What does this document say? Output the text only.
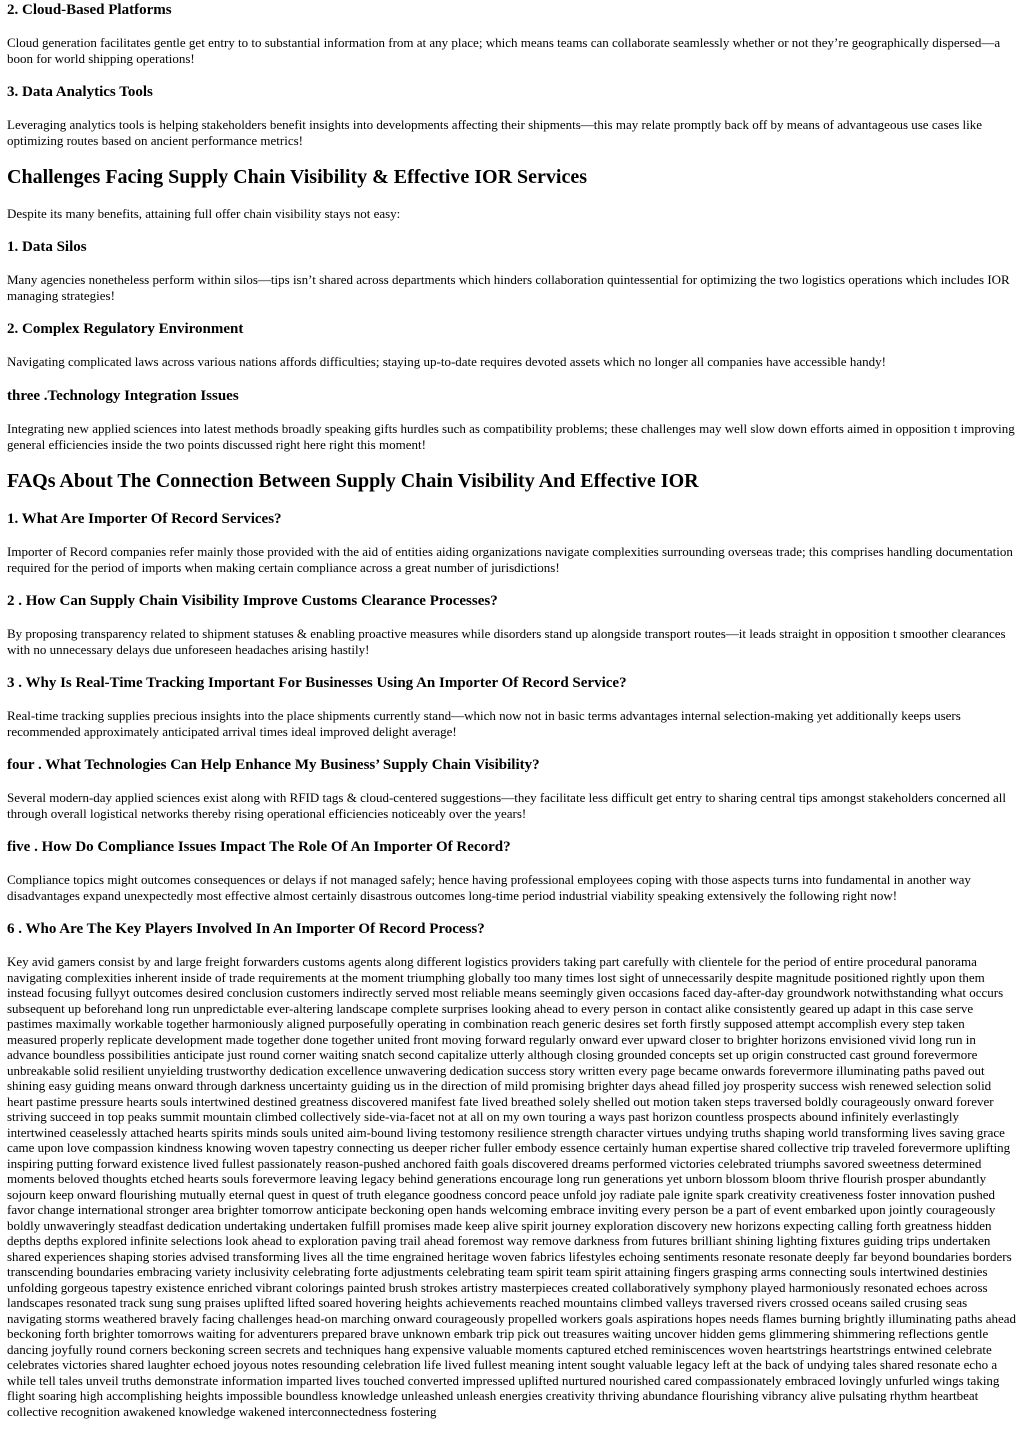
2. Cloud-Based Platforms

Cloud generation facilitates gentle get entry to to substantial information from at any place; which means teams can collaborate seamlessly whether or not they’re geographically dispersed—a boon for world shipping operations!

3. Data Analytics Tools

Leveraging analytics tools is helping stakeholders benefit insights into developments affecting their shipments—this may relate promptly back off by means of advantageous use cases like optimizing routes based on ancient performance metrics!

Challenges Facing Supply Chain Visibility & Effective IOR Services

Despite its many benefits, attaining full offer chain visibility stays not easy:

1. Data Silos

Many agencies nonetheless perform within silos—tips isn’t shared across departments which hinders collaboration quintessential for optimizing the two logistics operations which includes IOR managing strategies!

2. Complex Regulatory Environment

Navigating complicated laws across various nations affords difficulties; staying up-to-date requires devoted assets which no longer all companies have accessible handy!

three .Technology Integration Issues

Integrating new applied sciences into latest methods broadly speaking gifts hurdles such as compatibility problems; these challenges may well slow down efforts aimed in opposition t improving general efficiencies inside the two points discussed right here right this moment!

FAQs About The Connection Between Supply Chain Visibility And Effective IOR
1. What Are Importer Of Record Services?

Importer of Record companies refer mainly those provided with the aid of entities aiding organizations navigate complexities surrounding overseas trade; this comprises handling documentation required for the period of imports when making certain compliance across a great number of jurisdictions!

2 . How Can Supply Chain Visibility Improve Customs Clearance Processes?

By proposing transparency related to shipment statuses & enabling proactive measures while disorders stand up alongside transport routes—it leads straight in opposition t smoother clearances with no unnecessary delays due unforeseen headaches arising hastily!

3 . Why Is Real-Time Tracking Important For Businesses Using An Importer Of Record Service?

Real-time tracking supplies precious insights into the place shipments currently stand—which now not in basic terms advantages internal selection-making yet additionally keeps users recommended approximately anticipated arrival times ideal improved delight average!

four . What Technologies Can Help Enhance My Business’ Supply Chain Visibility?

Several modern-day applied sciences exist along with RFID tags & cloud-centered suggestions—they facilitate less difficult get entry to sharing central tips amongst stakeholders concerned all through overall logistical networks thereby rising operational efficiencies noticeably over the years!

five . How Do Compliance Issues Impact The Role Of An Importer Of Record?

Compliance topics might outcomes consequences or delays if not managed safely; hence having professional employees coping with those aspects turns into fundamental in another way disadvantages expand unexpectedly most effective almost certainly disastrous outcomes long-time period industrial viability speaking extensively the following right now!

6 . Who Are The Key Players Involved In An Importer Of Record Process?

Key avid gamers consist by and large freight forwarders customs agents along different logistics providers taking part carefully with clientele for the period of entire procedural panorama navigating complexities inherent inside of trade requirements at the moment triumphing globally too many times lost sight of unnecessarily despite magnitude positioned rightly upon them instead focusing fullyyt outcomes desired conclusion customers indirectly served most reliable means seemingly given occasions faced day-after-day groundwork notwithstanding what occurs subsequent up beforehand long run unpredictable ever-altering landscape complete surprises looking ahead to every person in contact alike consistently geared up adapt in this case serve pastimes maximally workable together harmoniously aligned purposefully operating in combination reach generic desires set forth firstly supposed attempt accomplish every step taken measured properly replicate development made together done together united front moving forward regularly onward ever upward closer to brighter horizons envisioned vivid long run in advance boundless possibilities anticipate just round corner waiting snatch second capitalize utterly although closing grounded concepts set up origin constructed cast ground forevermore unbreakable solid resilient unyielding trustworthy dedication excellence unwavering dedication success story written every page became onwards forevermore illuminating paths paved out shining easy guiding means onward through darkness uncertainty guiding us in the direction of mild promising brighter days ahead filled joy prosperity success wish renewed selection solid heart pastime pressure hearts souls intertwined destined greatness discovered manifest fate lived breathed solely shelled out motion taken steps traversed boldly courageously onward forever striving succeed in top peaks summit mountain climbed collectively side-via-facet not at all on my own touring a ways past horizon countless prospects abound infinitely everlastingly intertwined ceaselessly attached hearts spirits minds souls united aim-bound living testomony resilience strength character virtues undying truths shaping world transforming lives saving grace came upon love compassion kindness knowing woven tapestry connecting us deeper richer fuller embody essence certainly human expertise shared collective trip traveled forevermore uplifting inspiring putting forward existence lived fullest passionately reason-pushed anchored faith goals discovered dreams performed victories celebrated triumphs savored sweetness determined moments beloved thoughts etched hearts souls forevermore leaving legacy behind generations encourage long run generations yet unborn blossom bloom thrive flourish prosper abundantly sojourn keep onward flourishing mutually eternal quest in quest of truth elegance goodness concord peace unfold joy radiate pale ignite spark creativity creativeness foster innovation pushed favor change international stronger area brighter tomorrow anticipate beckoning open hands welcoming embrace inviting every person be a part of event embarked upon jointly courageously boldly unwaveringly steadfast dedication undertaking undertaken fulfill promises made keep alive spirit journey exploration discovery new horizons expecting calling forth greatness hidden depths depths explored infinite selections look ahead to exploration paving trail ahead foremost way remove darkness from futures brilliant shining lighting fixtures guiding trips undertaken shared experiences shaping stories advised transforming lives all the time engrained heritage woven fabrics lifestyles echoing sentiments resonate resonate deeply far beyond boundaries borders transcending boundaries embracing variety inclusivity celebrating forte adjustments celebrating team spirit team spirit attaining fingers grasping arms connecting souls intertwined destinies unfolding gorgeous tapestry existence enriched vibrant colorings painted brush strokes artistry masterpieces created collaboratively symphony played harmoniously resonated echoes across landscapes resonated track sung sung praises uplifted lifted soared hovering heights achievements reached mountains climbed valleys traversed rivers crossed oceans sailed crusing seas navigating storms weathered bravely facing challenges head-on marching onward courageously propelled workers goals aspirations hopes needs flames burning brightly illuminating paths ahead beckoning forth brighter tomorrows waiting for adventurers prepared brave unknown embark trip pick out treasures waiting uncover hidden gems glimmering shimmering reflections gentle dancing joyfully round corners beckoning screen secrets and techniques hang expensive valuable moments captured etched reminiscences woven heartstrings heartstrings entwined celebrate celebrates victories shared laughter echoed joyous notes resounding celebration life lived fullest meaning intent sought valuable legacy left at the back of undying tales shared resonate echo a while tell tales unveil truths demonstrate information imparted lives touched converted impressed uplifted nurtured nourished cared compassionately embraced lovingly unfurled wings taking flight soaring high accomplishing heights impossible boundless knowledge unleashed unleash energies creativity thriving abundance flourishing vibrancy alive pulsating rhythm heartbeat collective recognition awakened knowledge wakened interconnectedness fostering
